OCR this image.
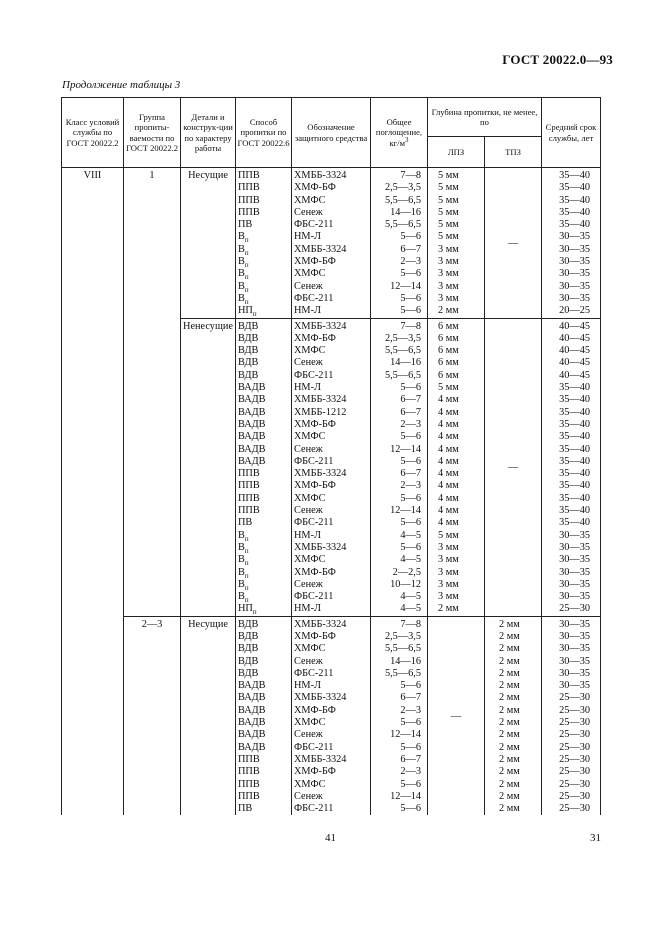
ГОСТ 20022.0—93
Продолжение таблицы 3
Класс условий службы по ГОСТ 20022.2	Группа пропиты-ваемости по ГОСТ 20022.2	Детали и конструк-ции по характеру работы	Способ пропитки по ГОСТ 20022.6	Обозначение защитного средства	Общее поглощение, $кг/м^3$	Глубина пропитки, не менее, по		Средний срок службы, лет
						ЛПЗ	ТПЗ	
VIII	1	Несущие	ППВ	ХМББ-3324	7—8	5 мм	—	35—40
			ППВ	ХМФ-БФ	2,5—3,5	5 мм		35—40
			ППВ	ХМФС	5,5—6,5	5 мм		35—40
			ППВ	Сенеж	14—16	5 мм		35—40
			ПВ	ФБС-211	5,5—6,5	5 мм		35—40
			$В_п$	НМ-Л	5—6	5 мм		30—35
			$В_п$	ХМББ-3324	6—7	3 мм		30—35
			$В_п$	ХМФ-БФ	2—3	3 мм		30—35
			$В_п$	ХМФС	5—6	3 мм		30—35
			$В_п$	Сенеж	12—14	3 мм		30—35
			$В_п$	ФБС-211	5—6	3 мм		30—35
			$НП_п$	НМ-Л	5—6	2 мм		20—25
		Ненесущие	ВДВ	ХМББ-3324	7—8	6 мм	—	40—45
			ВДВ	ХМФ-БФ	2,5—3,5	6 мм		40—45
			ВДВ	ХМФС	5,5—6,5	6 мм		40—45
			ВДВ	Сенеж	14—16	6 мм		40—45
			ВДВ	ФБС-211	5,5—6,5	6 мм		40—45
			ВАДВ	НМ-Л	5—6	5 мм		35—40
			ВАДВ	ХМББ-3324	6—7	4 мм		35—40
			ВАДВ	ХМББ-1212	6—7	4 мм		35—40
			ВАДВ	ХМФ-БФ	2—3	4 мм		35—40
			ВАДВ	ХМФС	5—6	4 мм		35—40
			ВАДВ	Сенеж	12—14	4 мм		35—40
			ВАДВ	ФБС-211	5—6	4 мм		35—40
			ППВ	ХМББ-3324	6—7	4 мм		35—40
			ППВ	ХМФ-БФ	2—3	4 мм		35—40
			ППВ	ХМФС	5—6	4 мм		35—40
			ППВ	Сенеж	12—14	4 мм		35—40
			ПВ	ФБС-211	5—6	4 мм		35—40
			$В_п$	НМ-Л	4—5	5 мм		30—35
			$В_п$	ХМББ-3324	5—6	3 мм		30—35
			$В_п$	ХМФС	4—5	3 мм		30—35
			$В_п$	ХМФ-БФ	2—2,5	3 мм		30—35
			$В_п$	Сенеж	10—12	3 мм		30—35
			$В_п$	ФБС-211	4—5	3 мм		30—35
			$НП_п$	НМ-Л	4—5	2 мм		25—30
	2—3	Несущие	ВДВ	ХМББ-3324	7—8	—	2 мм	30—35
			ВДВ	ХМФ-БФ	2,5—3,5		2 мм	30—35
			ВДВ	ХМФС	5,5—6,5		2 мм	30—35
			ВДВ	Сенеж	14—16		2 мм	30—35
			ВДВ	ФБС-211	5,5—6,5		2 мм	30—35
			ВАДВ	НМ-Л	5—6		2 мм	30—35
			ВАДВ	ХМББ-3324	6—7		2 мм	25—30
			ВАДВ	ХМФ-БФ	2—3		2 мм	25—30
			ВАДВ	ХМФС	5—6		2 мм	25—30
			ВАДВ	Сенеж	12—14		2 мм	25—30
			ВАДВ	ФБС-211	5—6		2 мм	25—30
			ППВ	ХМББ-3324	6—7		2 мм	25—30
			ППВ	ХМФ-БФ	2—3		2 мм	25—30
			ППВ	ХМФС	5—6		2 мм	25—30
			ППВ	Сенеж	12—14		2 мм	25—30
			ПВ	ФБС-211	5—6		2 мм	25—30
41	31
